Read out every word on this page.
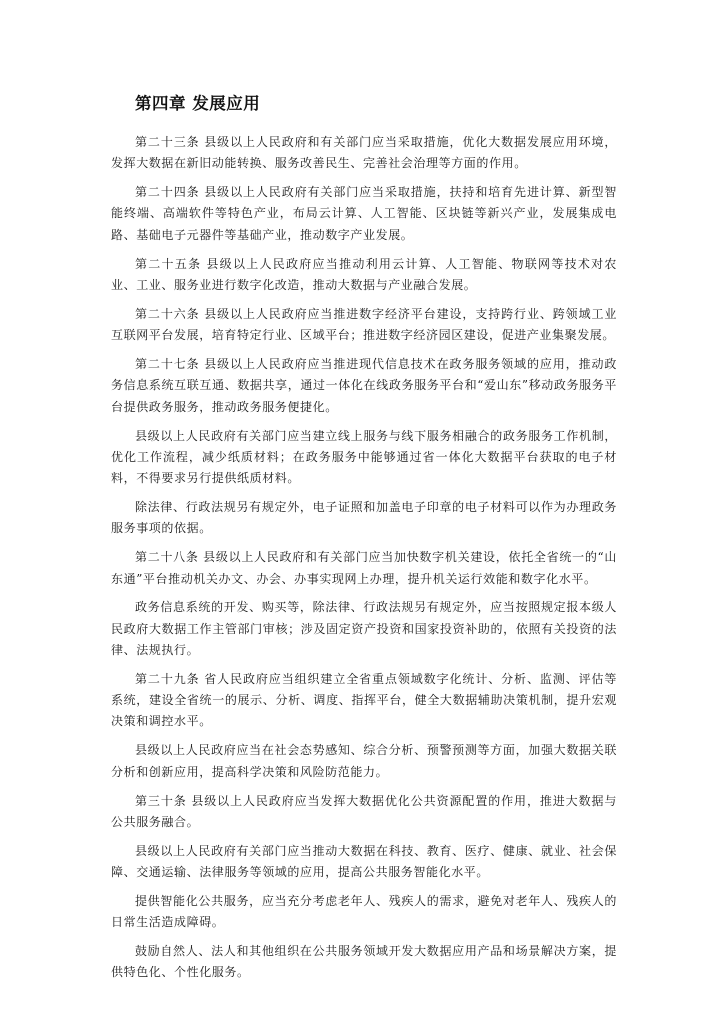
第四章 发展应用

第二十三条 县级以上人民政府和有关部门应当采取措施，优化大数据发展应用环境，发挥大数据在新旧动能转换、服务改善民生、完善社会治理等方面的作用。

第二十四条 县级以上人民政府有关部门应当采取措施，扶持和培育先进计算、新型智能终端、高端软件等特色产业，布局云计算、人工智能、区块链等新兴产业，发展集成电路、基础电子元器件等基础产业，推动数字产业发展。

第二十五条 县级以上人民政府应当推动利用云计算、人工智能、物联网等技术对农业、工业、服务业进行数字化改造，推动大数据与产业融合发展。

第二十六条 县级以上人民政府应当推进数字经济平台建设，支持跨行业、跨领域工业互联网平台发展，培育特定行业、区域平台；推进数字经济园区建设，促进产业集聚发展。

第二十七条 县级以上人民政府应当推进现代信息技术在政务服务领域的应用，推动政务信息系统互联互通、数据共享，通过一体化在线政务服务平台和“爱山东”移动政务服务平台提供政务服务，推动政务服务便捷化。

县级以上人民政府有关部门应当建立线上服务与线下服务相融合的政务服务工作机制，优化工作流程，减少纸质材料；在政务服务中能够通过省一体化大数据平台获取的电子材料，不得要求另行提供纸质材料。

除法律、行政法规另有规定外，电子证照和加盖电子印章的电子材料可以作为办理政务服务事项的依据。

第二十八条 县级以上人民政府和有关部门应当加快数字机关建设，依托全省统一的“山东通”平台推动机关办文、办会、办事实现网上办理，提升机关运行效能和数字化水平。

政务信息系统的开发、购买等，除法律、行政法规另有规定外，应当按照规定报本级人民政府大数据工作主管部门审核；涉及固定资产投资和国家投资补助的，依照有关投资的法律、法规执行。

第二十九条 省人民政府应当组织建立全省重点领域数字化统计、分析、监测、评估等系统，建设全省统一的展示、分析、调度、指挥平台，健全大数据辅助决策机制，提升宏观决策和调控水平。

县级以上人民政府应当在社会态势感知、综合分析、预警预测等方面，加强大数据关联分析和创新应用，提高科学决策和风险防范能力。

第三十条 县级以上人民政府应当发挥大数据优化公共资源配置的作用，推进大数据与公共服务融合。

县级以上人民政府有关部门应当推动大数据在科技、教育、医疗、健康、就业、社会保障、交通运输、法律服务等领域的应用，提高公共服务智能化水平。

提供智能化公共服务，应当充分考虑老年人、残疾人的需求，避免对老年人、残疾人的日常生活造成障碍。

鼓励自然人、法人和其他组织在公共服务领域开发大数据应用产品和场景解决方案，提供特色化、个性化服务。
